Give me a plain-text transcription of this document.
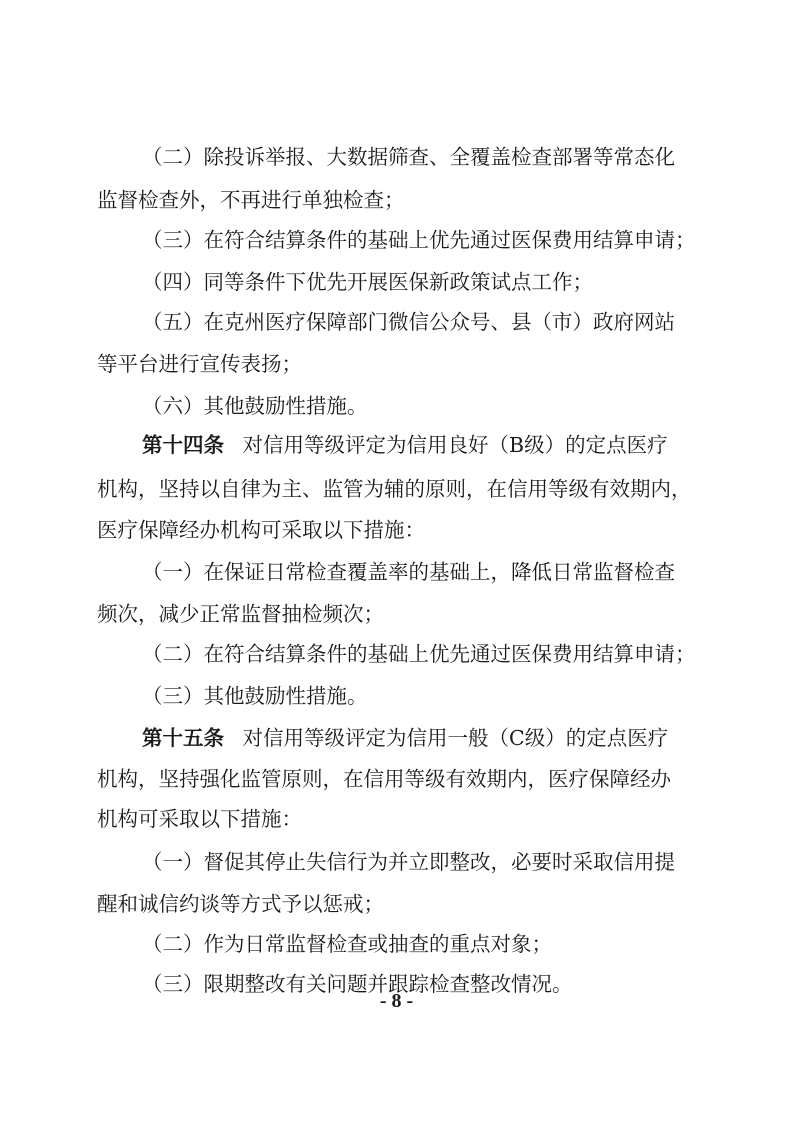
（二）除投诉举报、大数据筛查、全覆盖检查部署等常态化
监督检查外，不再进行单独检查；
（三）在符合结算条件的基础上优先通过医保费用结算申请；
（四）同等条件下优先开展医保新政策试点工作；
（五）在克州医疗保障部门微信公众号、县（市）政府网站
等平台进行宣传表扬；
（六）其他鼓励性措施。
第十四条 对信用等级评定为信用良好（B级）的定点医疗
机构，坚持以自律为主、监管为辅的原则，在信用等级有效期内，
医疗保障经办机构可采取以下措施：
（一）在保证日常检查覆盖率的基础上，降低日常监督检查
频次，减少正常监督抽检频次；
（二）在符合结算条件的基础上优先通过医保费用结算申请；
（三）其他鼓励性措施。
第十五条 对信用等级评定为信用一般（C级）的定点医疗
机构，坚持强化监管原则，在信用等级有效期内，医疗保障经办
机构可采取以下措施：
（一）督促其停止失信行为并立即整改，必要时采取信用提
醒和诚信约谈等方式予以惩戒；
（二）作为日常监督检查或抽查的重点对象；
（三）限期整改有关问题并跟踪检查整改情况。
- 8 -
